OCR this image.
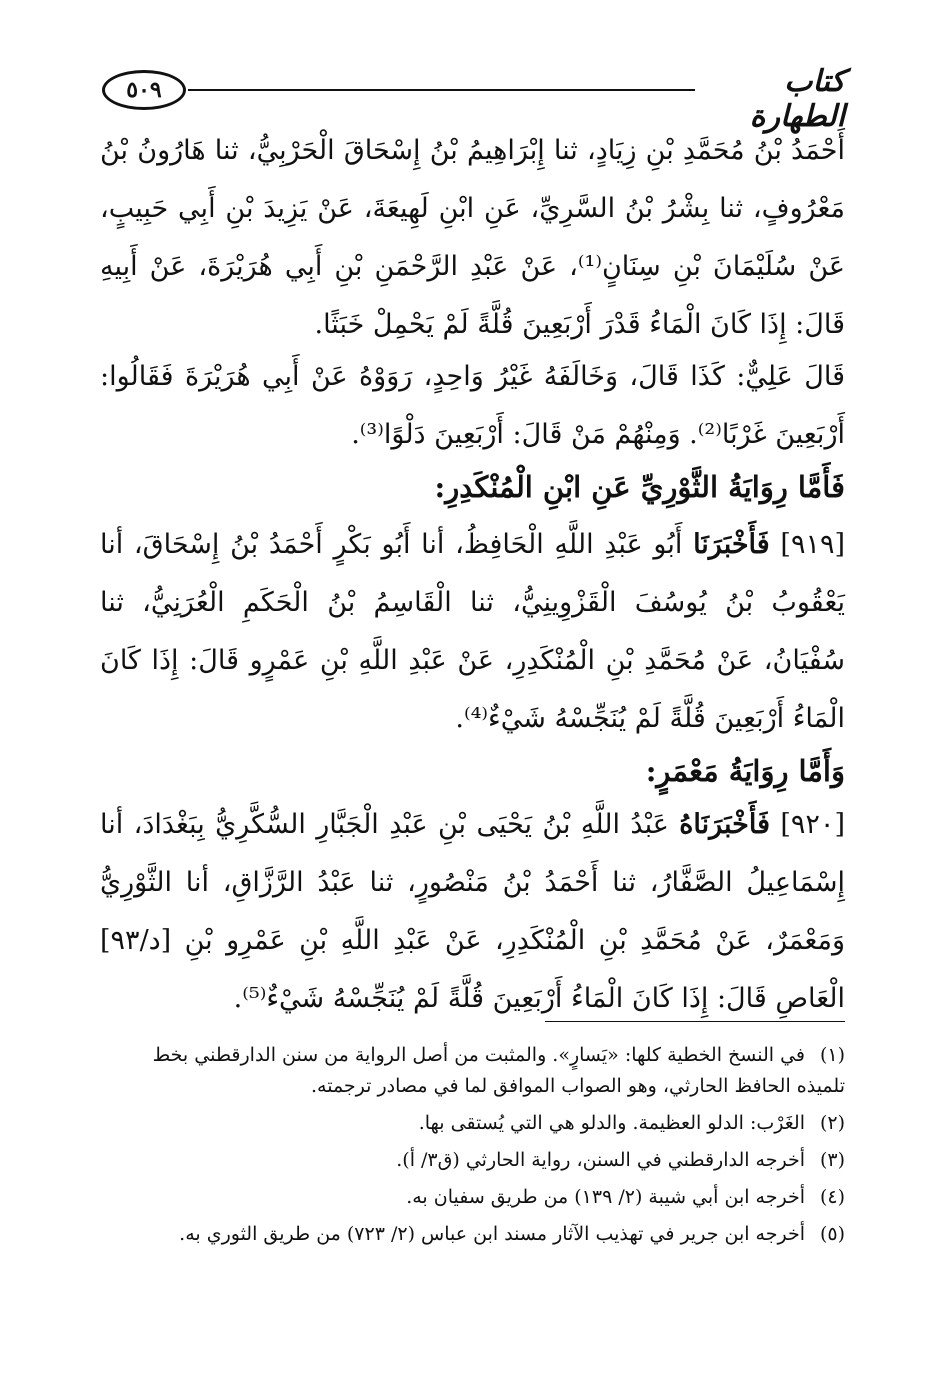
٥٠٩	كتاب الطهارة

أَحْمَدُ بْنُ مُحَمَّدِ بْنِ زِيَادٍ، ثنا إِبْرَاهِيمُ بْنُ إِسْحَاقَ الْحَرْبِيُّ، ثنا هَارُونُ بْنُ مَعْرُوفٍ، ثنا بِشْرُ بْنُ السَّرِيِّ، عَنِ ابْنِ لَهِيعَةَ، عَنْ يَزِيدَ بْنِ أَبِي حَبِيبٍ، عَنْ سُلَيْمَانَ بْنِ سِنَانٍ⁽¹⁾، عَنْ عَبْدِ الرَّحْمَنِ بْنِ أَبِي هُرَيْرَةَ، عَنْ أَبِيهِ قَالَ: إِذَا كَانَ الْمَاءُ قَدْرَ أَرْبَعِينَ قُلَّةً لَمْ يَحْمِلْ خَبَثًا.

قَالَ عَلِيٌّ: كَذَا قَالَ، وَخَالَفَهُ غَيْرُ وَاحِدٍ، رَوَوْهُ عَنْ أَبِي هُرَيْرَةَ فَقَالُوا: أَرْبَعِينَ غَرْبًا⁽²⁾. وَمِنْهُمْ مَنْ قَالَ: أَرْبَعِينَ دَلْوًا⁽³⁾.

فَأَمَّا رِوَايَةُ الثَّوْرِيِّ عَنِ ابْنِ الْمُنْكَدِرِ:

[٩١٩] فَأَخْبَرَنَا أَبُو عَبْدِ اللَّهِ الْحَافِظُ، أنا أَبُو بَكْرٍ أَحْمَدُ بْنُ إِسْحَاقَ، أنا يَعْقُوبُ بْنُ يُوسُفَ الْقَزْوِينِيُّ، ثنا الْقَاسِمُ بْنُ الْحَكَمِ الْعُرَنِيُّ، ثنا سُفْيَانُ، عَنْ مُحَمَّدِ بْنِ الْمُنْكَدِرِ، عَنْ عَبْدِ اللَّهِ بْنِ عَمْرٍو قَالَ: إِذَا كَانَ الْمَاءُ أَرْبَعِينَ قُلَّةً لَمْ يُنَجِّسْهُ شَيْءٌ⁽⁴⁾.

وَأَمَّا رِوَايَةُ مَعْمَرٍ:

[٩٢٠] فَأَخْبَرَنَاهُ عَبْدُ اللَّهِ بْنُ يَحْيَى بْنِ عَبْدِ الْجَبَّارِ السُّكَّرِيُّ بِبَغْدَادَ، أنا إِسْمَاعِيلُ الصَّفَّارُ، ثنا أَحْمَدُ بْنُ مَنْصُورٍ، ثنا عَبْدُ الرَّزَّاقِ، أنا الثَّوْرِيُّ وَمَعْمَرٌ، عَنْ مُحَمَّدِ بْنِ الْمُنْكَدِرِ، عَنْ عَبْدِ اللَّهِ بْنِ عَمْرِو بْنِ [د/٩٣] الْعَاصِ قَالَ: إِذَا كَانَ الْمَاءُ أَرْبَعِينَ قُلَّةً لَمْ يُنَجِّسْهُ شَيْءٌ⁽⁵⁾.

(١)في النسخ الخطية كلها: «يَسارٍ». والمثبت من أصل الرواية من سنن الدارقطني بخط تلميذه الحافظ الحارثي، وهو الصواب الموافق لما في مصادر ترجمته.

(٢)الغَرْب: الدلو العظيمة. والدلو هي التي يُستقى بها.

(٣)أخرجه الدارقطني في السنن، رواية الحارثي (ق٣/ أ).

(٤)أخرجه ابن أبي شيبة (٢/ ١٣٩) من طريق سفيان به.

(٥)أخرجه ابن جرير في تهذيب الآثار مسند ابن عباس (٢/ ٧٢٣) من طريق الثوري به.
